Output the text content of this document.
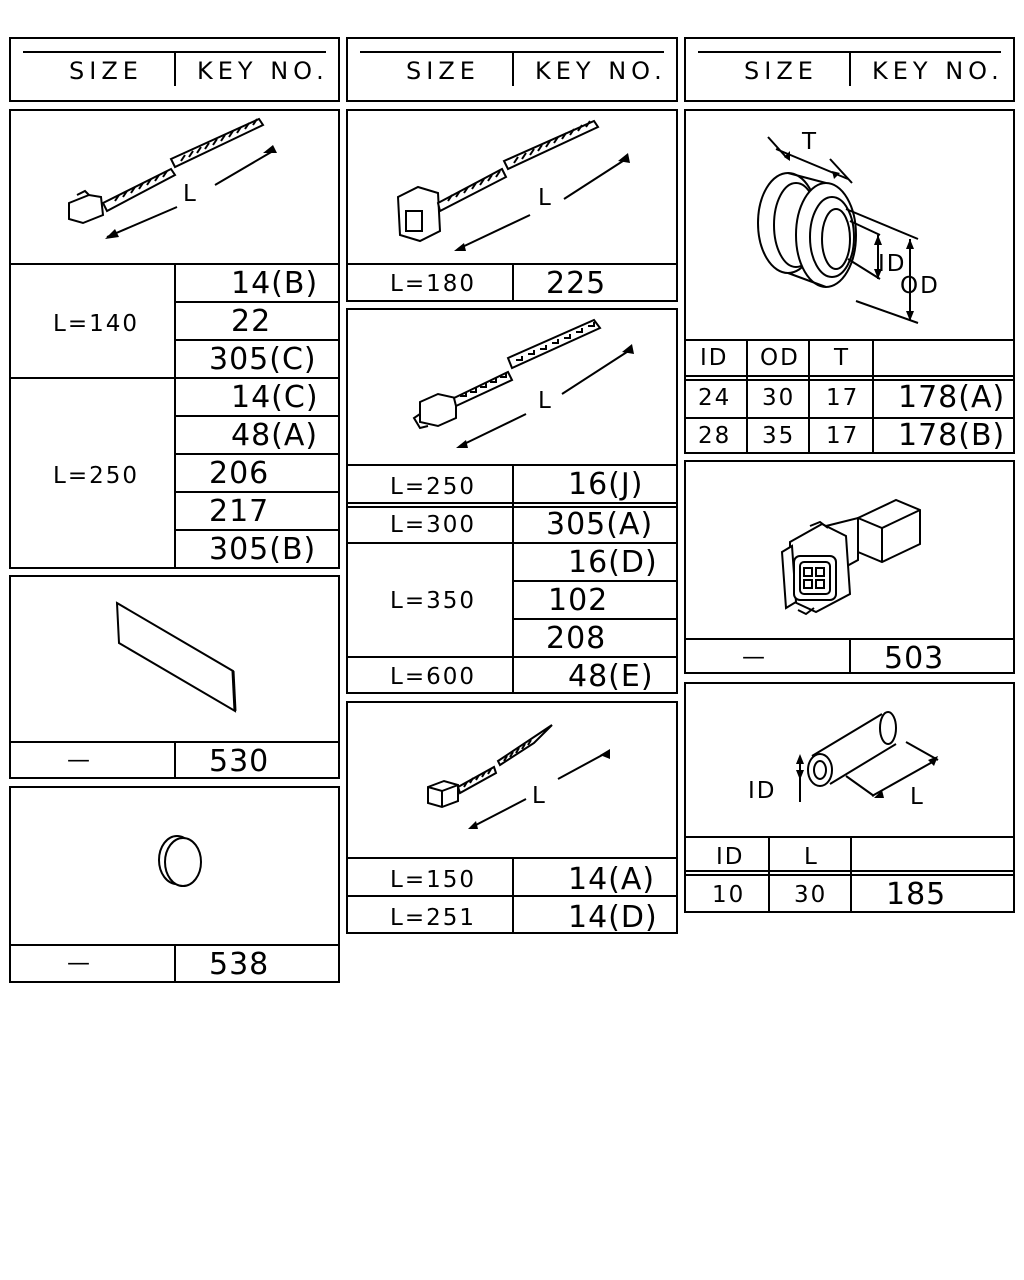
SIZE KEY NO.	SIZE KEY NO.	SIZE KEY NO.
L
L=140
14(B)
22
305(C)
L=250
14(C)
48(A)
206
217
305(B)
—	530
—	538
L
L=180 225
L
L=250	16(J)
L=300 305(A)
L=350
16(D)
102
208
L=600	48(E)
L
L=150	14(A)
L=251	14(D)
T
ID
OD
ID OD T
24 30 17 178(A)
28 35 17 178(B)
—	503
ID	L
ID	L
10 30 185
